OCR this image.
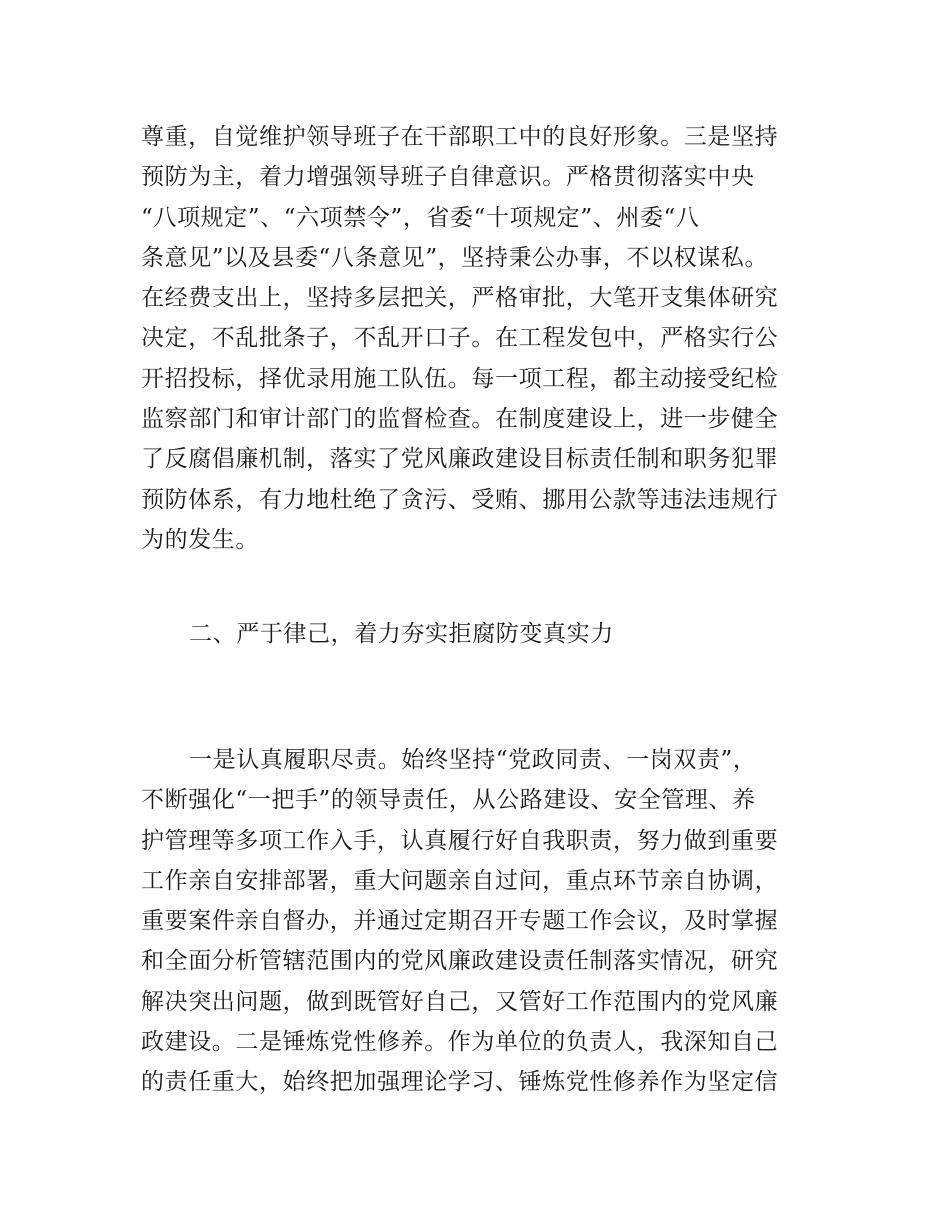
尊重，自觉维护领导班子在干部职工中的良好形象。三是坚持
预防为主，着力增强领导班子自律意识。严格贯彻落实中央
“八项规定”、“六项禁令”，省委“十项规定”、州委“八
条意见”以及县委“八条意见”，坚持秉公办事，不以权谋私。
在经费支出上，坚持多层把关，严格审批，大笔开支集体研究
决定，不乱批条子，不乱开口子。在工程发包中，严格实行公
开招投标，择优录用施工队伍。每一项工程，都主动接受纪检
监察部门和审计部门的监督检查。在制度建设上，进一步健全
了反腐倡廉机制，落实了党风廉政建设目标责任制和职务犯罪
预防体系，有力地杜绝了贪污、受贿、挪用公款等违法违规行
为的发生。
二、严于律己，着力夯实拒腐防变真实力
一是认真履职尽责。始终坚持“党政同责、一岗双责”，
不断强化“一把手”的领导责任，从公路建设、安全管理、养
护管理等多项工作入手，认真履行好自我职责，努力做到重要
工作亲自安排部署，重大问题亲自过问，重点环节亲自协调，
重要案件亲自督办，并通过定期召开专题工作会议，及时掌握
和全面分析管辖范围内的党风廉政建设责任制落实情况，研究
解决突出问题，做到既管好自己，又管好工作范围内的党风廉
政建设。二是锤炼党性修养。作为单位的负责人，我深知自己
的责任重大，始终把加强理论学习、锤炼党性修养作为坚定信
